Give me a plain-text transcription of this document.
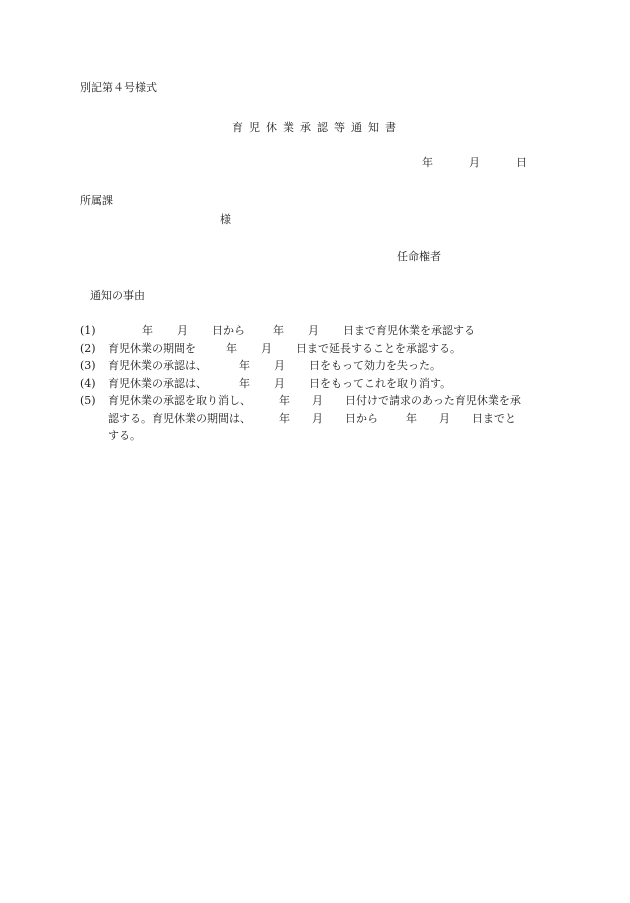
別記第４号様式
育児休業承認等通知書
年	月	日
所属課
様
任命権者
通知の事由
(1)	年 月 日から	年 月 日まで育児休業を承認する
(2)	育児休業の期間を	年 月 日まで延長することを承認する。
(3)	育児休業の承認は、	年 月 日をもって効力を失った。
(4)	育児休業の承認は、	年 月 日をもってこれを取り消す。
(5)	育児休業の承認を取り消し、	年 月 日付けで請求のあった育児休業を承
認する。育児休業の期間は、	年 月 日から	年 月 日までと
する。
